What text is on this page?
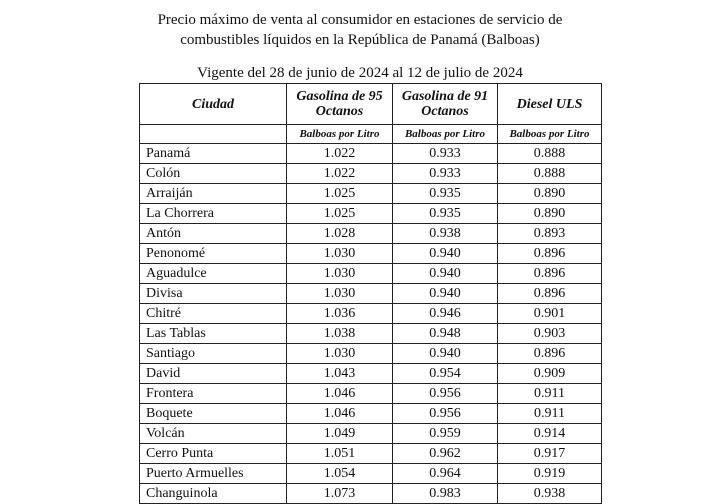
Precio máximo de venta al consumidor en estaciones de servicio de
combustibles líquidos en la República de Panamá (Balboas)
Vigente del 28 de junio de 2024 al 12 de julio de 2024
Ciudad	Gasolina de 95 Octanos	Gasolina de 91 Octanos	Diesel ULS
	Balboas por Litro	Balboas por Litro	Balboas por Litro
Panamá	1.022	0.933	0.888
Colón	1.022	0.933	0.888
Arraiján	1.025	0.935	0.890
La Chorrera	1.025	0.935	0.890
Antón	1.028	0.938	0.893
Penonomé	1.030	0.940	0.896
Aguadulce	1.030	0.940	0.896
Divisa	1.030	0.940	0.896
Chitré	1.036	0.946	0.901
Las Tablas	1.038	0.948	0.903
Santiago	1.030	0.940	0.896
David	1.043	0.954	0.909
Frontera	1.046	0.956	0.911
Boquete	1.046	0.956	0.911
Volcán	1.049	0.959	0.914
Cerro Punta	1.051	0.962	0.917
Puerto Armuelles	1.054	0.964	0.919
Changuinola	1.073	0.983	0.938
